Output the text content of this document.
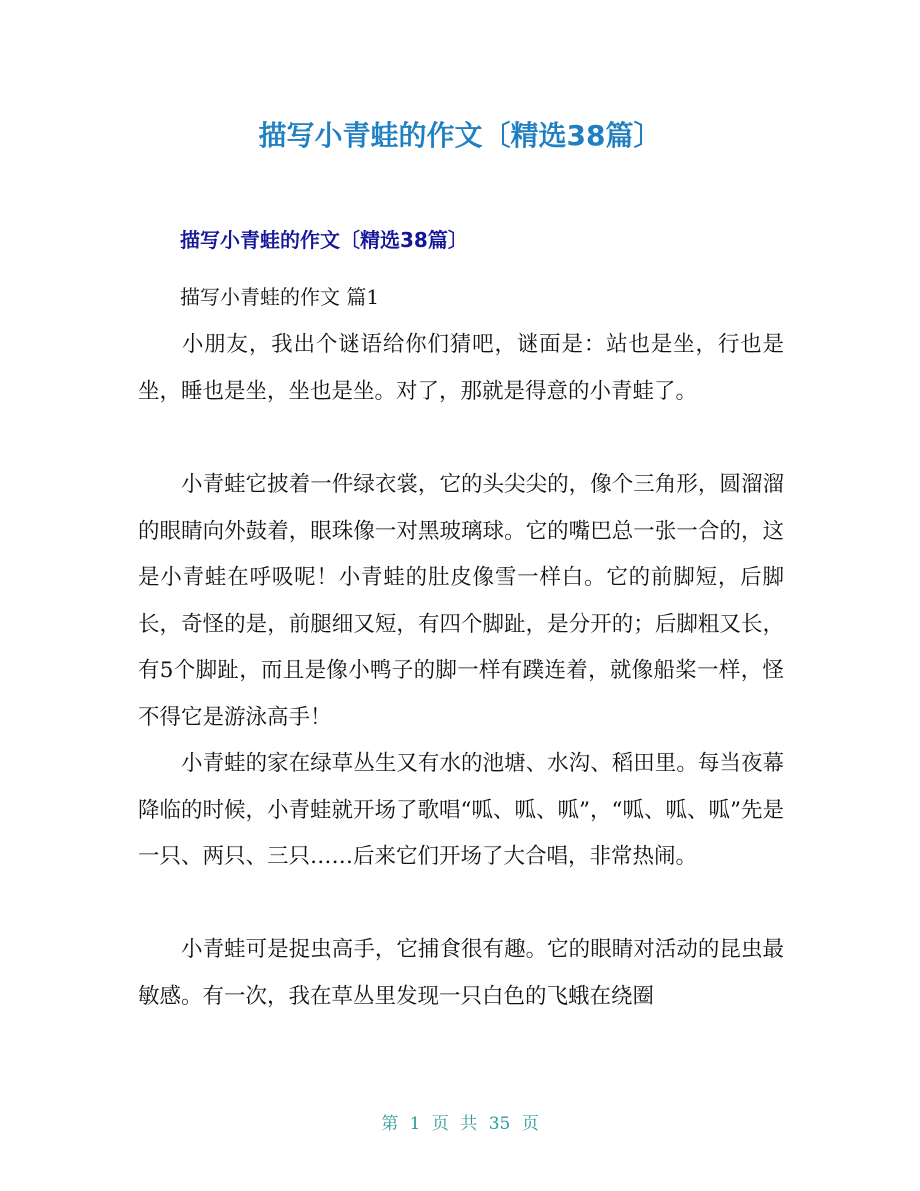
描写小青蛙的作文〔精选38篇〕
描写小青蛙的作文〔精选38篇〕
描写小青蛙的作文 篇1

小朋友，我出个谜语给你们猜吧，谜面是：站也是坐，行也是坐，睡也是坐，坐也是坐。对了，那就是得意的小青蛙了。

小青蛙它披着一件绿衣裳，它的头尖尖的，像个三角形，圆溜溜的眼睛向外鼓着，眼珠像一对黑玻璃球。它的嘴巴总一张一合的，这是小青蛙在呼吸呢！小青蛙的肚皮像雪一样白。它的前脚短，后脚长，奇怪的是，前腿细又短，有四个脚趾，是分开的；后脚粗又长，有5个脚趾，而且是像小鸭子的脚一样有蹼连着，就像船桨一样，怪不得它是游泳高手！

小青蛙的家在绿草丛生又有水的池塘、水沟、稻田里。每当夜幕降临的时候，小青蛙就开场了歌唱“呱、呱、呱”，“呱、呱、呱”先是一只、两只、三只……后来它们开场了大合唱，非常热闹。

小青蛙可是捉虫高手，它捕食很有趣。它的眼睛对活动的昆虫最敏感。有一次，我在草丛里发现一只白色的飞蛾在绕圈

第 1 页 共 35 页
